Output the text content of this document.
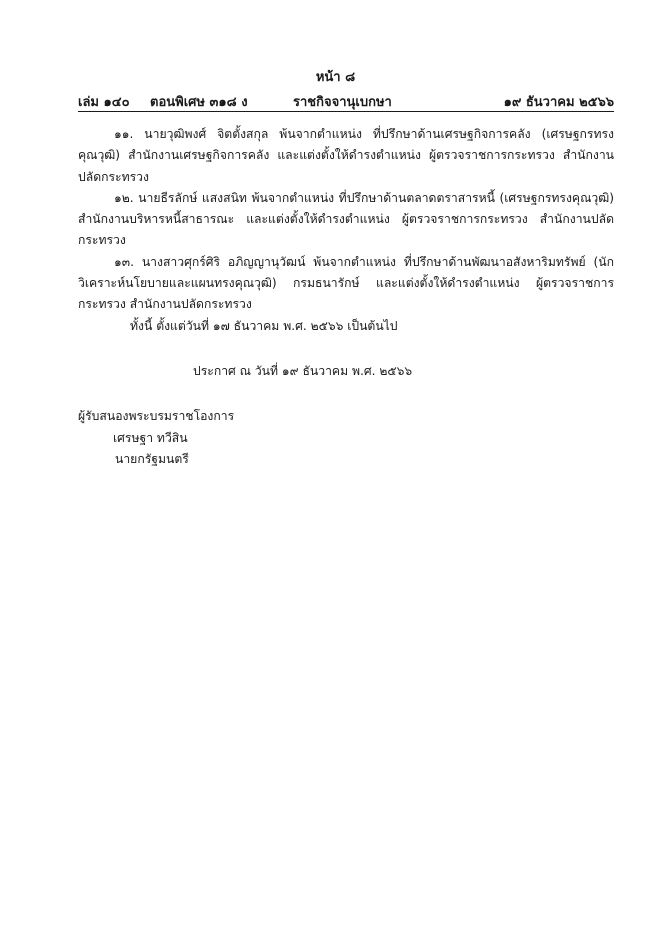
หน้า ๘
เล่ม ๑๔๐ ตอนพิเศษ ๓๑๘ ง	ราชกิจจานุเบกษา	๑๙ ธันวาคม ๒๕๖๖

๑๑. นายวุฒิพงศ์ จิตตั้งสกุล พ้นจากตำแหน่ง ที่ปรึกษาด้านเศรษฐกิจการคลัง (เศรษฐกรทรงคุณวุฒิ) สำนักงานเศรษฐกิจการคลัง และแต่งตั้งให้ดำรงตำแหน่ง ผู้ตรวจราชการกระทรวง สำนักงานปลัดกระทรวง

๑๒. นายธีรลักษ์ แสงสนิท พ้นจากตำแหน่ง ที่ปรึกษาด้านตลาดตราสารหนี้ (เศรษฐกรทรงคุณวุฒิ) สำนักงานบริหารหนี้สาธารณะ และแต่งตั้งให้ดำรงตำแหน่ง ผู้ตรวจราชการกระทรวง สำนักงานปลัดกระทรวง

๑๓. นางสาวศุกร์ศิริ อภิญญานุวัฒน์ พ้นจากตำแหน่ง ที่ปรึกษาด้านพัฒนาอสังหาริมทรัพย์ (นักวิเคราะห์นโยบายและแผนทรงคุณวุฒิ) กรมธนารักษ์ และแต่งตั้งให้ดำรงตำแหน่ง ผู้ตรวจราชการกระทรวง สำนักงานปลัดกระทรวง

ทั้งนี้ ตั้งแต่วันที่ ๑๗ ธันวาคม พ.ศ. ๒๕๖๖ เป็นต้นไป

ประกาศ ณ วันที่ ๑๙ ธันวาคม พ.ศ. ๒๕๖๖
ผู้รับสนองพระบรมราชโองการ
เศรษฐา ทวีสิน
นายกรัฐมนตรี
